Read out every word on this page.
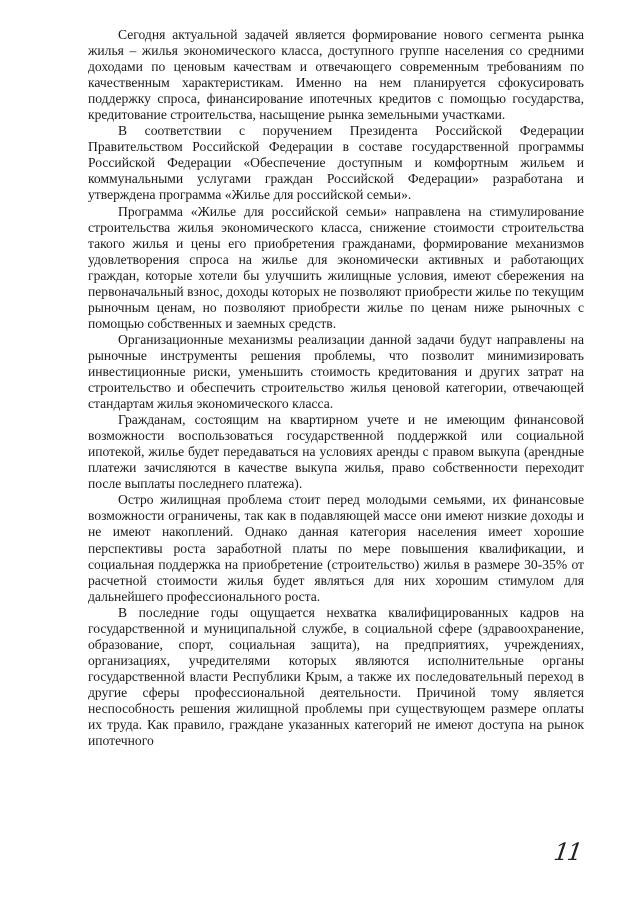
Сегодня актуальной задачей является формирование нового сегмента рынка жилья – жилья экономического класса, доступного группе населения со средними доходами по ценовым качествам и отвечающего современным требованиям по качественным характеристикам. Именно на нем планируется сфокусировать поддержку спроса, финансирование ипотечных кредитов с помощью государства, кредитование строительства, насыщение рынка земельными участками.

В соответствии с поручением Президента Российской Федерации Правительством Российской Федерации в составе государственной программы Российской Федерации «Обеспечение доступным и комфортным жильем и коммунальными услугами граждан Российской Федерации» разработана и утверждена программа «Жилье для российской семьи».

Программа «Жилье для российской семьи» направлена на стимулирование строительства жилья экономического класса, снижение стоимости строительства такого жилья и цены его приобретения гражданами, формирование механизмов удовлетворения спроса на жилье для экономически активных и работающих граждан, которые хотели бы улучшить жилищные условия, имеют сбережения на первоначальный взнос, доходы которых не позволяют приобрести жилье по текущим рыночным ценам, но позволяют приобрести жилье по ценам ниже рыночных с помощью собственных и заемных средств.

Организационные механизмы реализации данной задачи будут направлены на рыночные инструменты решения проблемы, что позволит минимизировать инвестиционные риски, уменьшить стоимость кредитования и других затрат на строительство и обеспечить строительство жилья ценовой категории, отвечающей стандартам жилья экономического класса.

Гражданам, состоящим на квартирном учете и не имеющим финансовой возможности воспользоваться государственной поддержкой или социальной ипотекой, жилье будет передаваться на условиях аренды с правом выкупа (арендные платежи зачисляются в качестве выкупа жилья, право собственности переходит после выплаты последнего платежа).

Остро жилищная проблема стоит перед молодыми семьями, их финансовые возможности ограничены, так как в подавляющей массе они имеют низкие доходы и не имеют накоплений. Однако данная категория населения имеет хорошие перспективы роста заработной платы по мере повышения квалификации, и социальная поддержка на приобретение (строительство) жилья в размере 30-35% от расчетной стоимости жилья будет являться для них хорошим стимулом для дальнейшего профессионального роста.

В последние годы ощущается нехватка квалифицированных кадров на государственной и муниципальной службе, в социальной сфере (здравоохранение, образование, спорт, социальная защита), на предприятиях, учреждениях, организациях, учредителями которых являются исполнительные органы государственной власти Республики Крым, а также их последовательный переход в другие сферы профессиональной деятельности. Причиной тому является неспособность решения жилищной проблемы при существующем размере оплаты их труда. Как правило, граждане указанных категорий не имеют доступа на рынок ипотечного

11
